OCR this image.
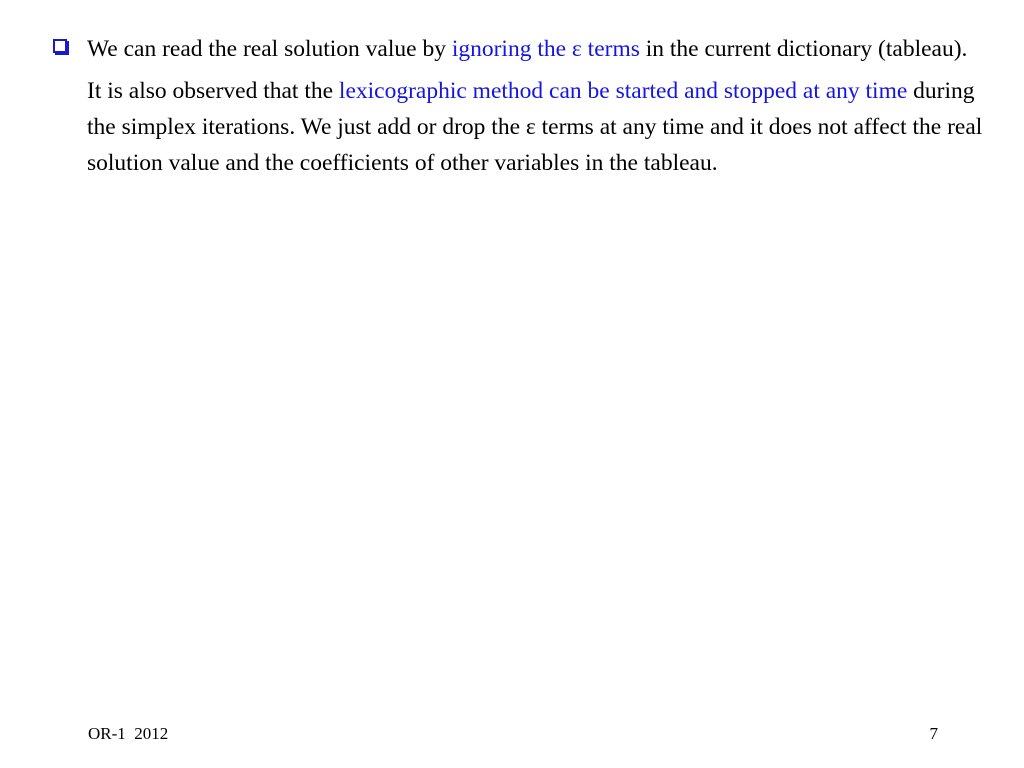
We can read the real solution value by ignoring the ε terms in the current dictionary (tableau).

It is also observed that the lexicographic method can be started and stopped at any time during the simplex iterations. We just add or drop the ε terms at any time and it does not affect the real solution value and the coefficients of other variables in the tableau.

OR-1  2012	7
